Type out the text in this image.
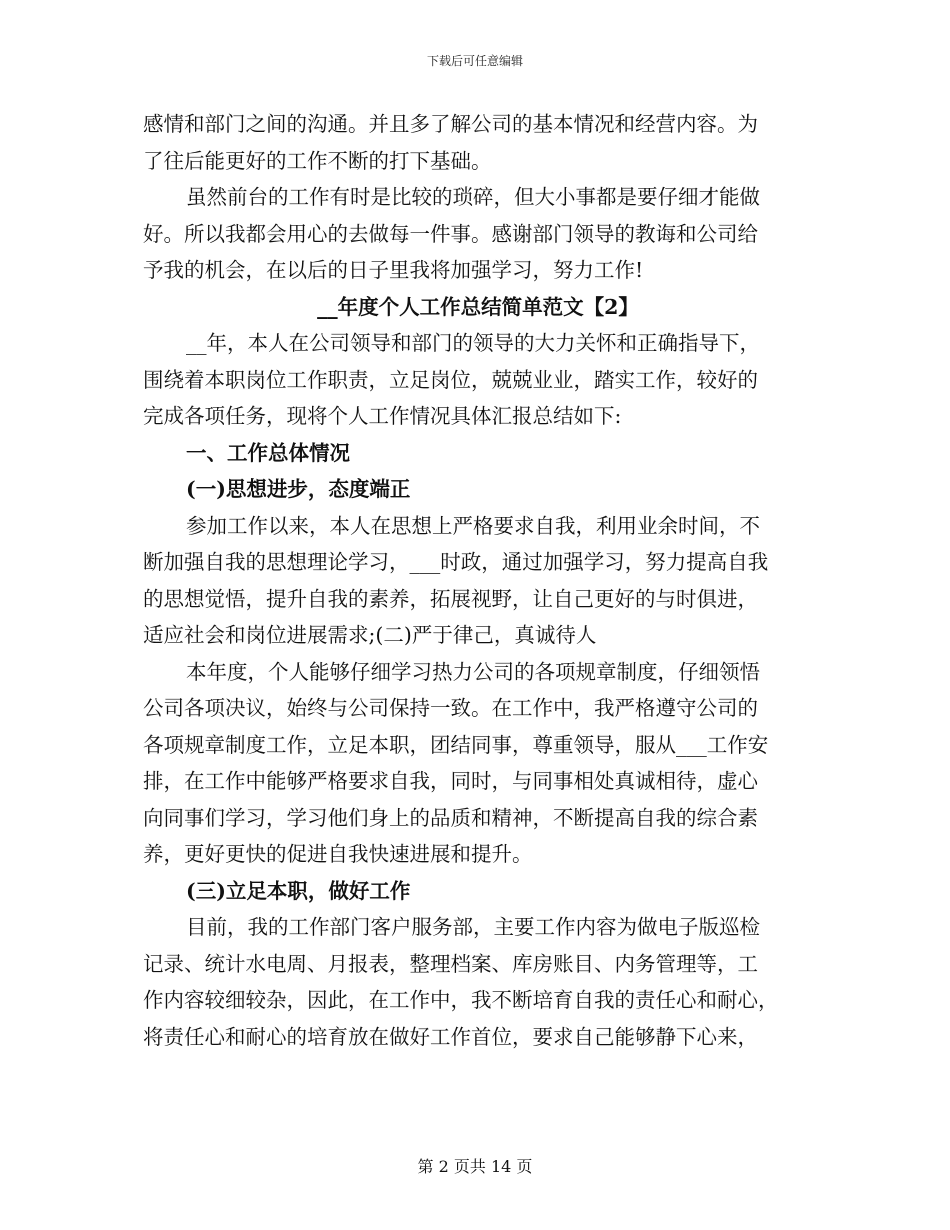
下载后可任意编辑
感情和部门之间的沟通。并且多了解公司的基本情况和经营内容。为
了往后能更好的工作不断的打下基础。
虽然前台的工作有时是比较的琐碎，但大小事都是要仔细才能做
好。所以我都会用心的去做每一件事。感谢部门领导的教诲和公司给
予我的机会，在以后的日子里我将加强学习，努力工作!
__年度个人工作总结简单范文【2】
__年，本人在公司领导和部门的领导的大力关怀和正确指导下，
围绕着本职岗位工作职责，立足岗位，兢兢业业，踏实工作，较好的
完成各项任务，现将个人工作情况具体汇报总结如下:
一、工作总体情况
(一)思想进步，态度端正
参加工作以来，本人在思想上严格要求自我，利用业余时间，不
断加强自我的思想理论学习，___时政，通过加强学习，努力提高自我
的思想觉悟，提升自我的素养，拓展视野，让自己更好的与时俱进，
适应社会和岗位进展需求;(二)严于律己，真诚待人
本年度，个人能够仔细学习热力公司的各项规章制度，仔细领悟
公司各项决议，始终与公司保持一致。在工作中，我严格遵守公司的
各项规章制度工作，立足本职，团结同事，尊重领导，服从___工作安
排，在工作中能够严格要求自我，同时，与同事相处真诚相待，虚心
向同事们学习，学习他们身上的品质和精神，不断提高自我的综合素
养，更好更快的促进自我快速进展和提升。
(三)立足本职，做好工作
目前，我的工作部门客户服务部，主要工作内容为做电子版巡检
记录、统计水电周、月报表，整理档案、库房账目、内务管理等，工
作内容较细较杂，因此，在工作中，我不断培育自我的责任心和耐心，
将责任心和耐心的培育放在做好工作首位，要求自己能够静下心来，
第 2 页共 14 页
